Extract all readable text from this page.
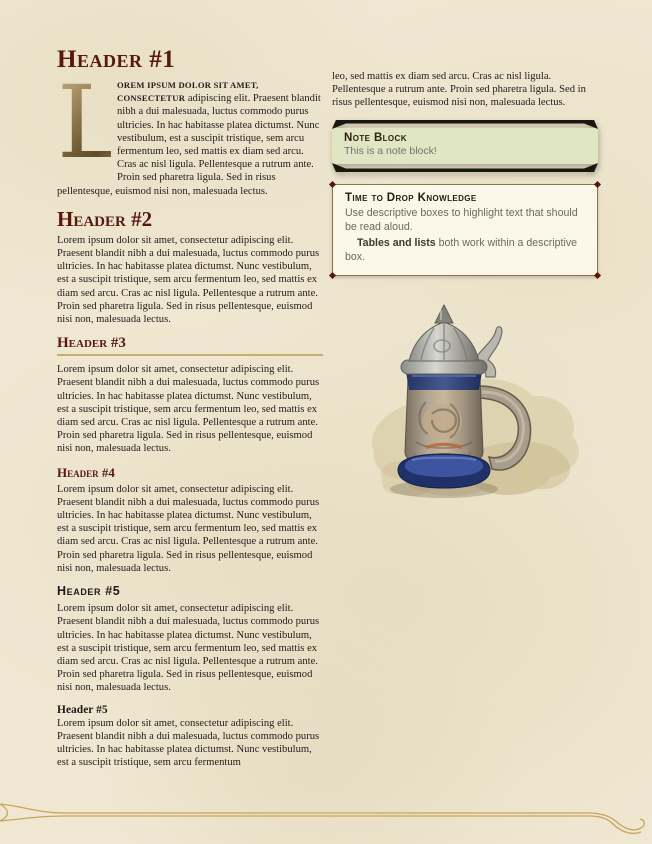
Header #1

L
OREM IPSUM DOLOR SIT AMET, CONSECTETUR adipiscing elit. Praesent blandit nibh a dui malesuada, luctus commodo purus ultricies. In hac habitasse platea dictumst. Nunc vestibulum, est a suscipit tristique, sem arcu fermentum leo, sed mattis ex diam sed arcu. Cras ac nisl ligula. Pellentesque a rutrum ante. Proin sed pharetra ligula. Sed in risus pellentesque, euismod nisi non, malesuada lectus.

Header #2

Lorem ipsum dolor sit amet, consectetur adipiscing elit. Praesent blandit nibh a dui malesuada, luctus commodo purus ultricies. In hac habitasse platea dictumst. Nunc vestibulum, est a suscipit tristique, sem arcu fermentum leo, sed mattis ex diam sed arcu. Cras ac nisl ligula. Pellentesque a rutrum ante. Proin sed pharetra ligula. Sed in risus pellentesque, euismod nisi non, malesuada lectus.

Header #3

Lorem ipsum dolor sit amet, consectetur adipiscing elit. Praesent blandit nibh a dui malesuada, luctus commodo purus ultricies. In hac habitasse platea dictumst. Nunc vestibulum, est a suscipit tristique, sem arcu fermentum leo, sed mattis ex diam sed arcu. Cras ac nisl ligula. Pellentesque a rutrum ante. Proin sed pharetra ligula. Sed in risus pellentesque, euismod nisi non, malesuada lectus.

Header #4

Lorem ipsum dolor sit amet, consectetur adipiscing elit. Praesent blandit nibh a dui malesuada, luctus commodo purus ultricies. In hac habitasse platea dictumst. Nunc vestibulum, est a suscipit tristique, sem arcu fermentum leo, sed mattis ex diam sed arcu. Cras ac nisl ligula. Pellentesque a rutrum ante. Proin sed pharetra ligula. Sed in risus pellentesque, euismod nisi non, malesuada lectus.

Header #5

Lorem ipsum dolor sit amet, consectetur adipiscing elit. Praesent blandit nibh a dui malesuada, luctus commodo purus ultricies. In hac habitasse platea dictumst. Nunc vestibulum, est a suscipit tristique, sem arcu fermentum leo, sed mattis ex diam sed arcu. Cras ac nisl ligula. Pellentesque a rutrum ante. Proin sed pharetra ligula. Sed in risus pellentesque, euismod nisi non, malesuada lectus.

Header #5

Lorem ipsum dolor sit amet, consectetur adipiscing elit. Praesent blandit nibh a dui malesuada, luctus commodo purus ultricies. In hac habitasse platea dictumst. Nunc vestibulum, est a suscipit tristique, sem arcu fermentum

leo, sed mattis ex diam sed arcu. Cras ac nisl ligula. Pellentesque a rutrum ante. Proin sed pharetra ligula. Sed in risus pellentesque, euismod nisi non, malesuada lectus.

Note Block
This is a note block!
Time to Drop Knowledge
Use descriptive boxes to highlight text that should be read aloud.
Tables and lists both work within a descriptive box.
